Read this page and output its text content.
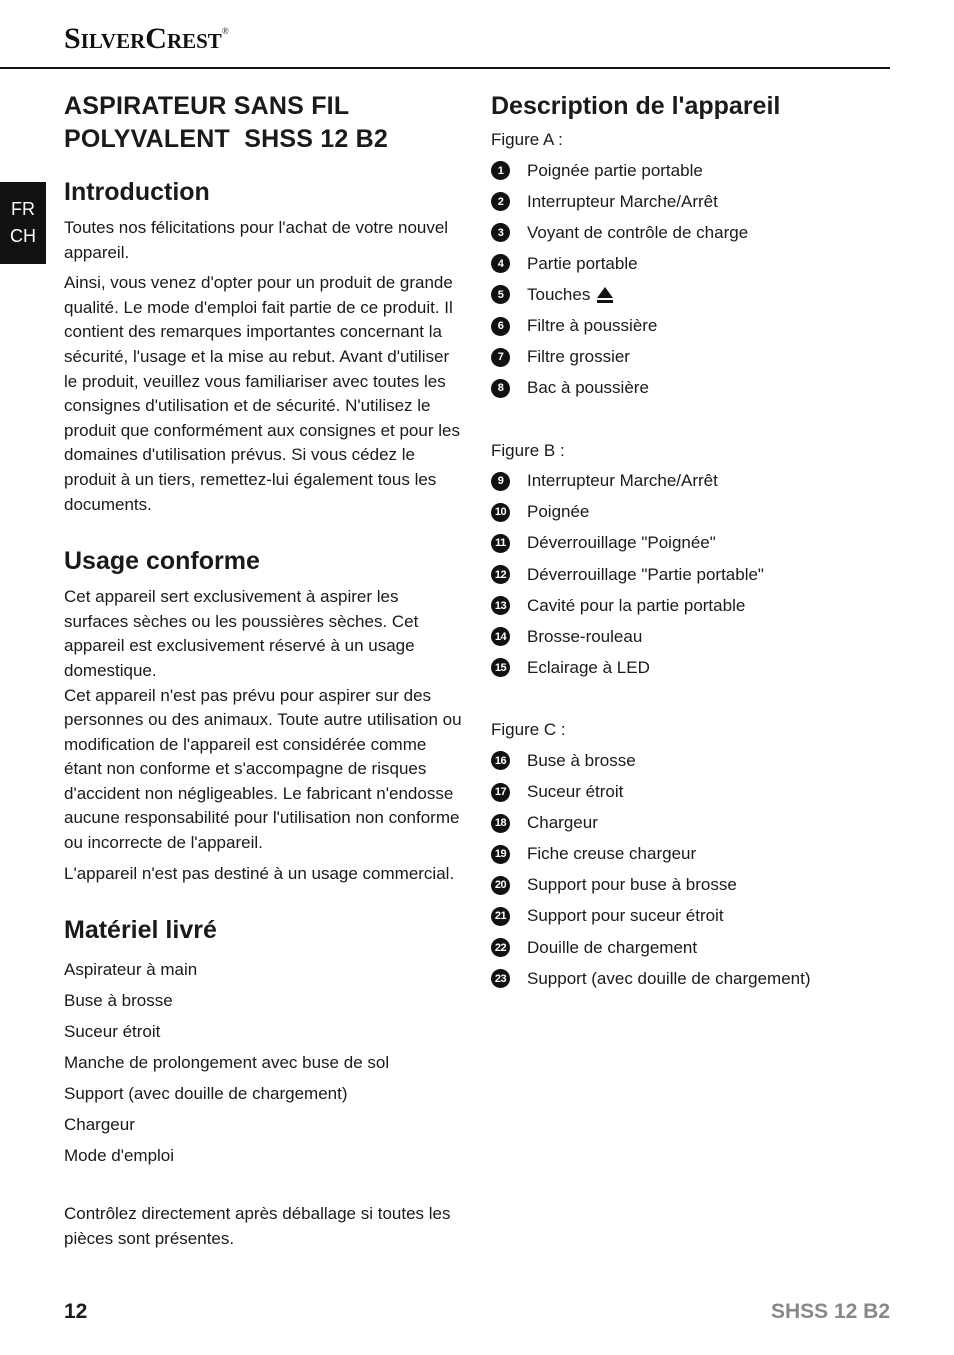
SilverCrest®
FR
CH
ASPIRATEUR SANS FIL
POLYVALENT  SHSS 12 B2
Introduction

Toutes nos félicitations pour l'achat de votre nouvel appareil.

Ainsi, vous venez d'opter pour un produit de grande qualité. Le mode d'emploi fait partie de ce produit. Il contient des remarques importantes concernant la sécurité, l'usage et la mise au rebut. Avant d'utiliser le produit, veuillez vous familiariser avec toutes les consignes d'utilisation et de sécurité. N'utilisez le produit que conformément aux consignes et pour les domaines d'utilisation prévus. Si vous cédez le produit à un tiers, remettez-lui également tous les documents.

Usage conforme

Cet appareil sert exclusivement à aspirer les surfaces sèches ou les poussières sèches. Cet appareil est exclusivement réservé à un usage domestique.

Cet appareil n'est pas prévu pour aspirer sur des personnes ou des animaux. Toute autre utilisation ou modification de l'appareil est considérée comme étant non conforme et s'accompagne de risques d'accident non négligeables. Le fabricant n'endosse aucune responsabilité pour l'utilisation non conforme ou incorrecte de l'appareil.

L'appareil n'est pas destiné à un usage commercial.

Matériel livré
Aspirateur à main
Buse à brosse
Suceur étroit
Manche de prolongement avec buse de sol
Support (avec douille de chargement)
Chargeur
Mode d'emploi

Contrôlez directement après déballage si toutes les pièces sont présentes.

Description de l'appareil
Figure A :
1	Poignée partie portable
2	Interrupteur Marche/Arrêt
3	Voyant de contrôle de charge
4	Partie portable
5	Touches
6	Filtre à poussière
7	Filtre grossier
8	Bac à poussière
Figure B :
9	Interrupteur Marche/Arrêt
10 Poignée
11 Déverrouillage "Poignée"
12 Déverrouillage "Partie portable"
13 Cavité pour la partie portable
14 Brosse-rouleau
15 Eclairage à LED
Figure C :
16 Buse à brosse
17 Suceur étroit
18 Chargeur
19 Fiche creuse chargeur
20 Support pour buse à brosse
21 Support pour suceur étroit
22 Douille de chargement
23 Support (avec douille de chargement)
12	SHSS 12 B2
